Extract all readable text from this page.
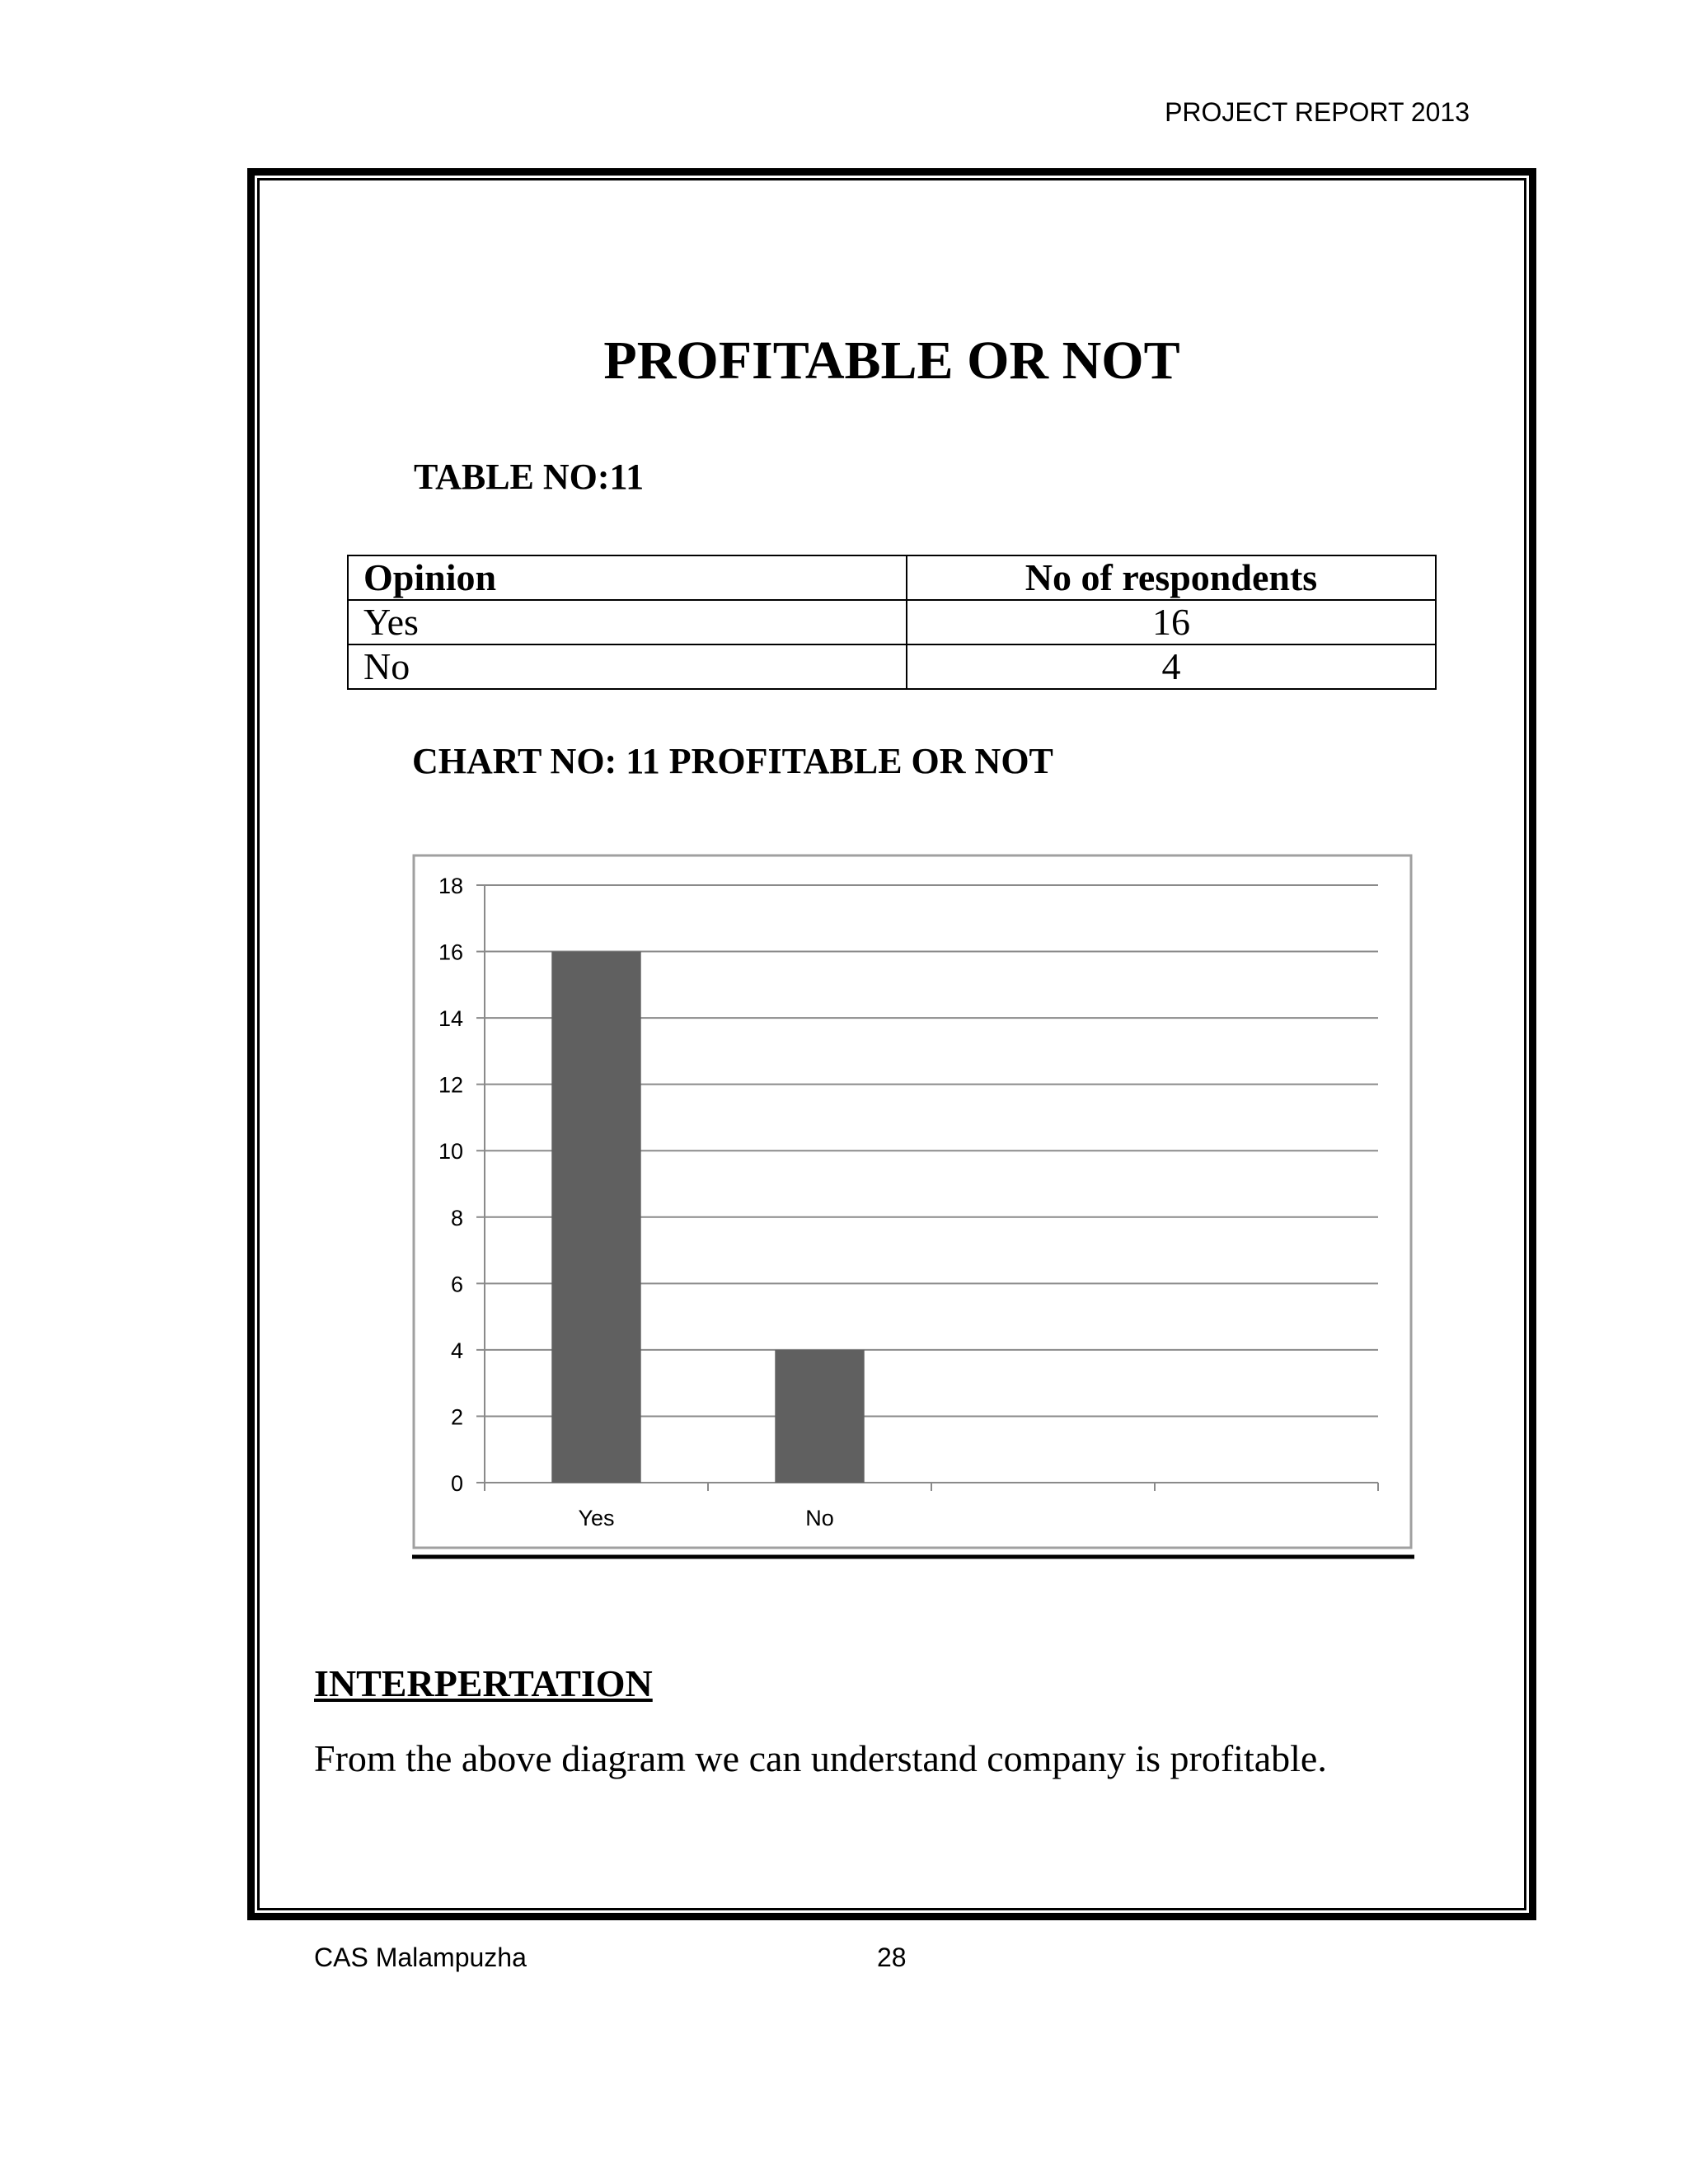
PROJECT REPORT 2013
PROFITABLE OR NOT
TABLE NO:11
Opinion	No of respondents
Yes	16
No	4
CHART NO: 11 PROFITABLE OR NOT
0
2
4
6
8
10
12
14
16
18
Yes	No
INTERPERTATION
From the above diagram we can understand company is profitable.
CAS Malampuzha	28
